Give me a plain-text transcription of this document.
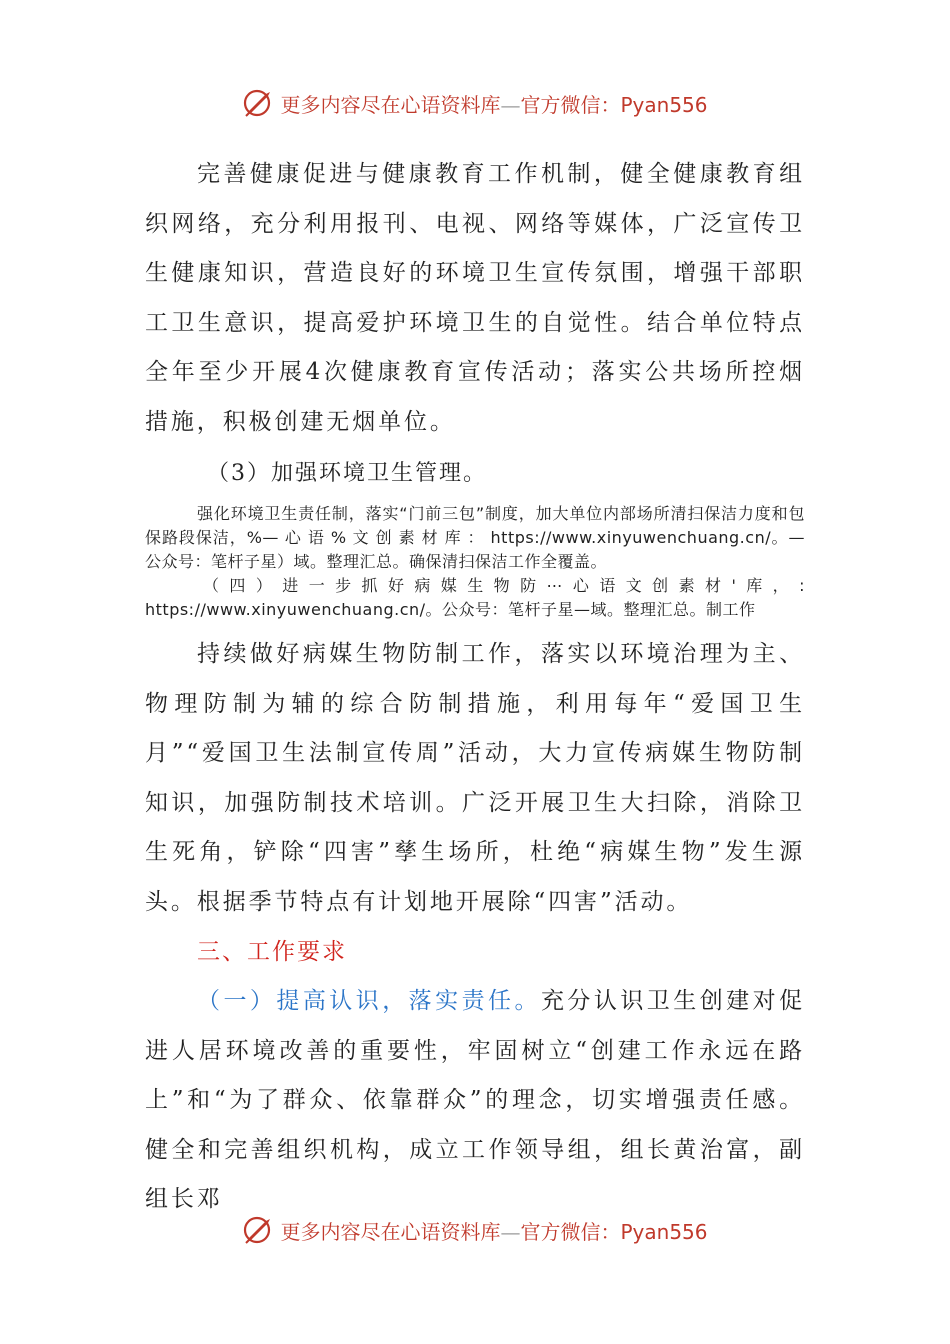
更多内容尽在心语资料库—官方微信：Pyan556

完善健康促进与健康教育工作机制，健全健康教育组织网络，充分利用报刊、电视、网络等媒体，广泛宣传卫生健康知识，营造良好的环境卫生宣传氛围，增强干部职工卫生意识，提高爱护环境卫生的自觉性。结合单位特点全年至少开展4次健康教育宣传活动；落实公共场所控烟措施，积极创建无烟单位。

（3）加强环境卫生管理。

强化环境卫生责任制，落实“门前三包”制度，加大单位内部场所清扫保洁力度和包保路段保洁，%— 心 语 % 文 创 素 材 库 ： https://www.xinyuwenchuang.cn/。—公众号：笔杆子星）域。整理汇总。确保清扫保洁工作全覆盖。

（四）进一步抓好病媒生物防⋯心语文创素材'库，: https://www.xinyuwenchuang.cn/。公众号：笔杆子星—域。整理汇总。制工作

持续做好病媒生物防制工作，落实以环境治理为主、物理防制为辅的综合防制措施，利用每年“爱国卫生月”“爱国卫生法制宣传周”活动，大力宣传病媒生物防制知识，加强防制技术培训。广泛开展卫生大扫除，消除卫生死角，铲除“四害”孳生场所，杜绝“病媒生物”发生源头。根据季节特点有计划地开展除“四害”活动。

三、工作要求

（一）提高认识，落实责任。充分认识卫生创建对促进人居环境改善的重要性，牢固树立“创建工作永远在路上”和“为了群众、依靠群众”的理念，切实增强责任感。健全和完善组织机构，成立工作领导组，组长黄治富，副组长邓

更多内容尽在心语资料库—官方微信：Pyan556
